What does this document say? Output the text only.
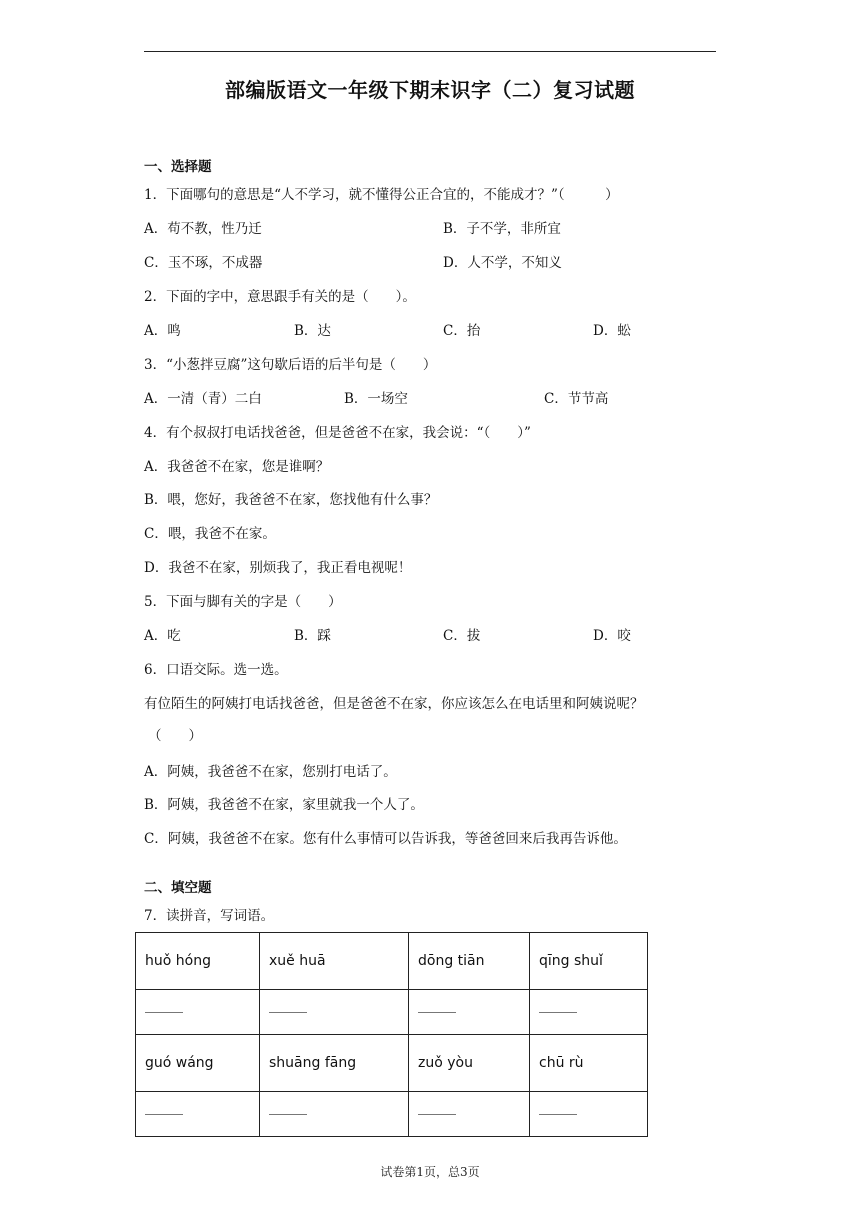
部编版语文一年级下期末识字（二）复习试题
一、选择题
1．下面哪句的意思是“人不学习，就不懂得公正合宜的，不能成才？”（　　　）
A．苟不教，性乃迁	B．子不学，非所宜
C．玉不琢，不成器	D．人不学，不知义
2．下面的字中，意思跟手有关的是（　　）。
A．鸣	B．达	C．抬	D．蚣
3．“小葱拌豆腐”这句歇后语的后半句是（　　）
A．一清（青）二白	B．一场空	C．节节高
4．有个叔叔打电话找爸爸，但是爸爸不在家，我会说：“（　　）”
A．我爸爸不在家，您是谁啊？
B．喂，您好，我爸爸不在家，您找他有什么事？
C．喂，我爸不在家。
D．我爸不在家，别烦我了，我正看电视呢！
5．下面与脚有关的字是（　　）
A．吃	B．踩	C．拔	D．咬
6．口语交际。选一选。
有位陌生的阿姨打电话找爸爸，但是爸爸不在家，你应该怎么在电话里和阿姨说呢？
（　　）
A．阿姨，我爸爸不在家，您别打电话了。
B．阿姨，我爸爸不在家，家里就我一个人了。
C．阿姨，我爸爸不在家。您有什么事情可以告诉我，等爸爸回来后我再告诉他。
二、填空题
7．读拼音，写词语。
huǒ hóng	xuě huā	dōng tiān	qīng shuǐ

guó wáng	shuāng fāng	zuǒ yòu	chū rù

试卷第1页，总3页
